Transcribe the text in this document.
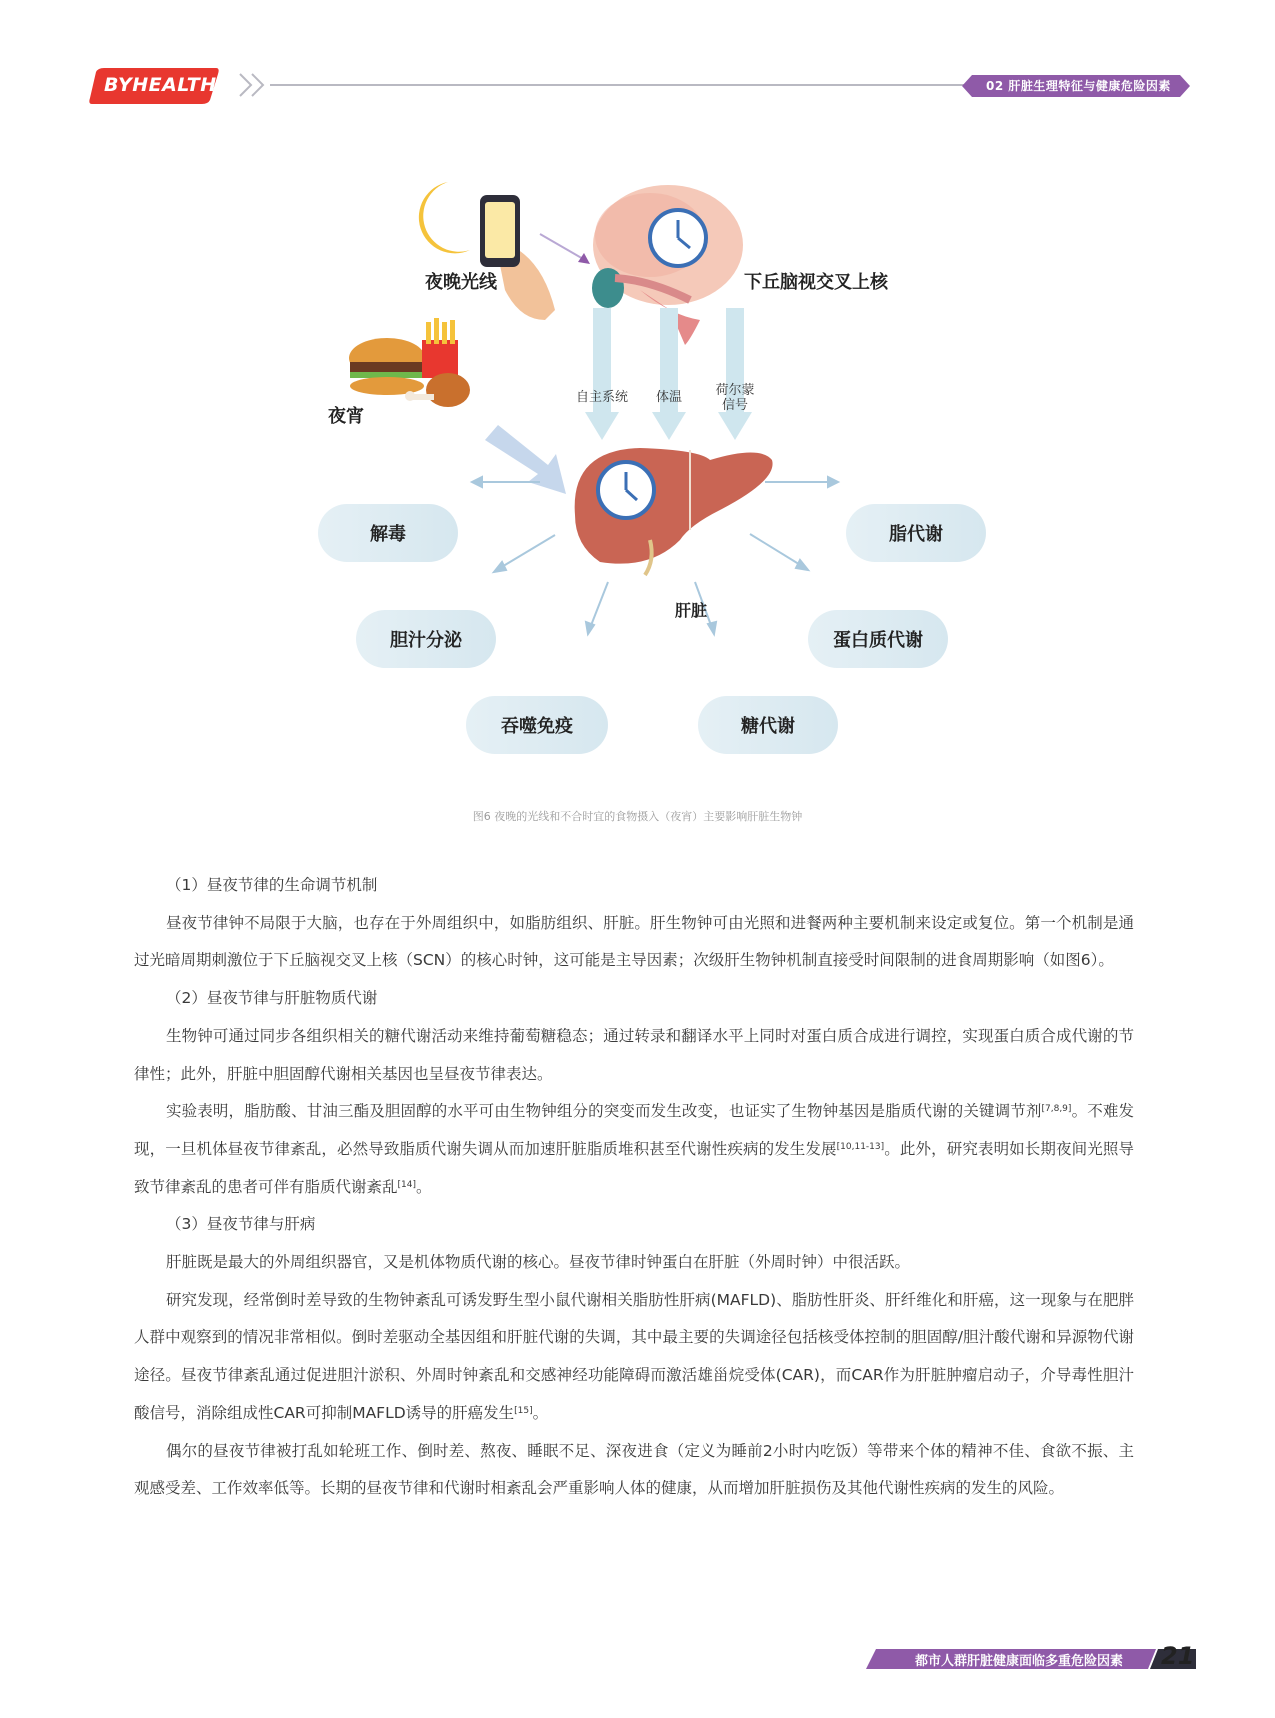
BYHEALTH	02 肝脏生理特征与健康危险因素
夜晚光线	下丘脑视交叉上核
夜宵
自主系统	体温	荷尔蒙
信号
肝脏
解毒	脂代谢
胆汁分泌	蛋白质代谢
吞噬免疫	糖代谢
图6 夜晚的光线和不合时宜的食物摄入（夜宵）主要影响肝脏生物钟

（1）昼夜节律的生命调节机制

昼夜节律钟不局限于大脑，也存在于外周组织中，如脂肪组织、肝脏。肝生物钟可由光照和进餐两种主要机制来设定或复位。第一个机制是通过光暗周期刺激位于下丘脑视交叉上核（SCN）的核心时钟，这可能是主导因素；次级肝生物钟机制直接受时间限制的进食周期影响（如图6）。

（2）昼夜节律与肝脏物质代谢

生物钟可通过同步各组织相关的糖代谢活动来维持葡萄糖稳态；通过转录和翻译水平上同时对蛋白质合成进行调控，实现蛋白质合成代谢的节律性；此外，肝脏中胆固醇代谢相关基因也呈昼夜节律表达。

实验表明，脂肪酸、甘油三酯及胆固醇的水平可由生物钟组分的突变而发生改变，也证实了生物钟基因是脂质代谢的关键调节剂[7,8,9]。不难发现，一旦机体昼夜节律紊乱，必然导致脂质代谢失调从而加速肝脏脂质堆积甚至代谢性疾病的发生发展[10,11-13]。此外，研究表明如长期夜间光照导致节律紊乱的患者可伴有脂质代谢紊乱[14]。

（3）昼夜节律与肝病

肝脏既是最大的外周组织器官，又是机体物质代谢的核心。昼夜节律时钟蛋白在肝脏（外周时钟）中很活跃。

研究发现，经常倒时差导致的生物钟紊乱可诱发野生型小鼠代谢相关脂肪性肝病(MAFLD)、脂肪性肝炎、肝纤维化和肝癌，这一现象与在肥胖人群中观察到的情况非常相似。倒时差驱动全基因组和肝脏代谢的失调，其中最主要的失调途径包括核受体控制的胆固醇/胆汁酸代谢和异源物代谢途径。昼夜节律紊乱通过促进胆汁淤积、外周时钟紊乱和交感神经功能障碍而激活雄甾烷受体(CAR)，而CAR作为肝脏肿瘤启动子，介导毒性胆汁酸信号，消除组成性CAR可抑制MAFLD诱导的肝癌发生[15]。

偶尔的昼夜节律被打乱如轮班工作、倒时差、熬夜、睡眠不足、深夜进食（定义为睡前2小时内吃饭）等带来个体的精神不佳、食欲不振、主观感受差、工作效率低等。长期的昼夜节律和代谢时相紊乱会严重影响人体的健康，从而增加肝脏损伤及其他代谢性疾病的发生的风险。

都市人群肝脏健康面临多重危险因素 21
